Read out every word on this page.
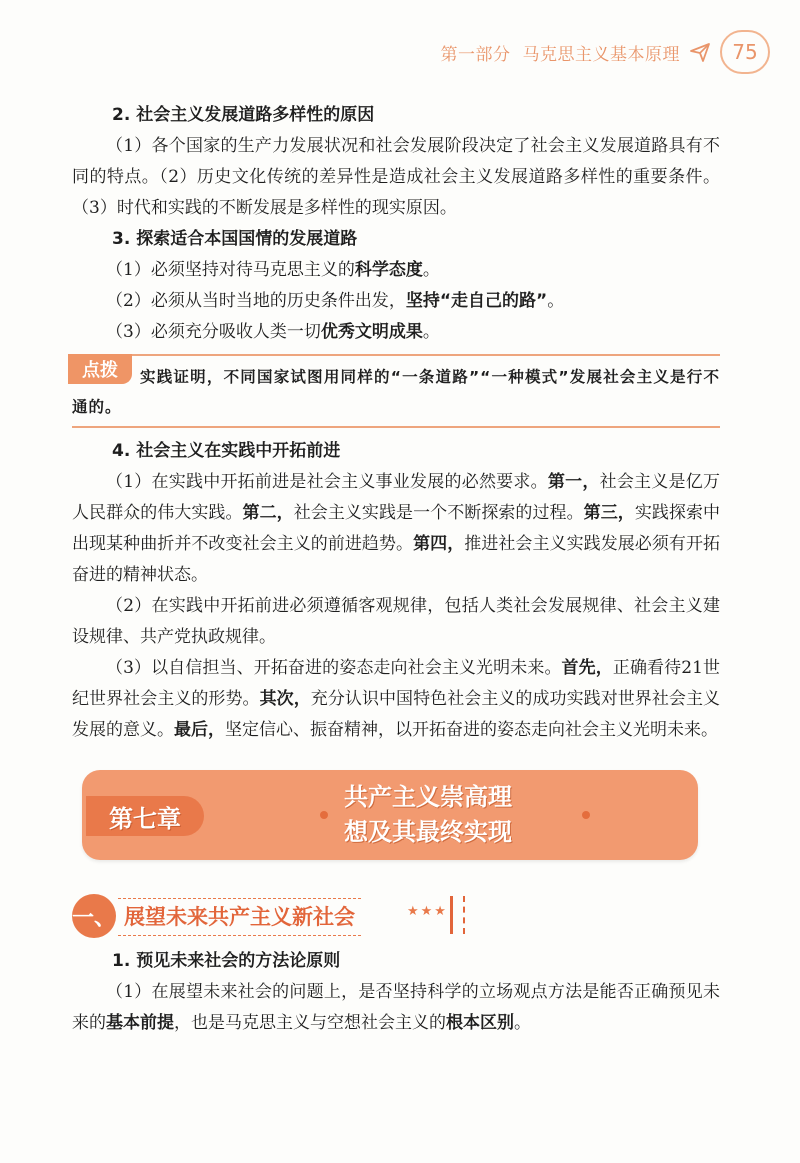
第一部分 马克思主义基本原理	75

2. 社会主义发展道路多样性的原因

（1）各个国家的生产力发展状况和社会发展阶段决定了社会主义发展道路具有不同的特点。（2）历史文化传统的差异性是造成社会主义发展道路多样性的重要条件。（3）时代和实践的不断发展是多样性的现实原因。

3. 探索适合本国国情的发展道路

（1）必须坚持对待马克思主义的科学态度。

（2）必须从当时当地的历史条件出发，坚持“走自己的路”。

（3）必须充分吸收人类一切优秀文明成果。

点拨	实践证明，不同国家试图用同样的“一条道路”“一种模式”发展社会主义是行不通的。

4. 社会主义在实践中开拓前进

（1）在实践中开拓前进是社会主义事业发展的必然要求。第一，社会主义是亿万人民群众的伟大实践。第二，社会主义实践是一个不断探索的过程。第三，实践探索中出现某种曲折并不改变社会主义的前进趋势。第四，推进社会主义实践发展必须有开拓奋进的精神状态。

（2）在实践中开拓前进必须遵循客观规律，包括人类社会发展规律、社会主义建设规律、共产党执政规律。

（3）以自信担当、开拓奋进的姿态走向社会主义光明未来。首先，正确看待21世纪世界社会主义的形势。其次，充分认识中国特色社会主义的成功实践对世界社会主义发展的意义。最后，坚定信心、振奋精神，以开拓奋进的姿态走向社会主义光明未来。

第七章
共产主义崇高理
想及其最终实现
一、 展望未来共产主义新社会	★★★

1. 预见未来社会的方法论原则

（1）在展望未来社会的问题上，是否坚持科学的立场观点方法是能否正确预见未来的基本前提，也是马克思主义与空想社会主义的根本区别。
